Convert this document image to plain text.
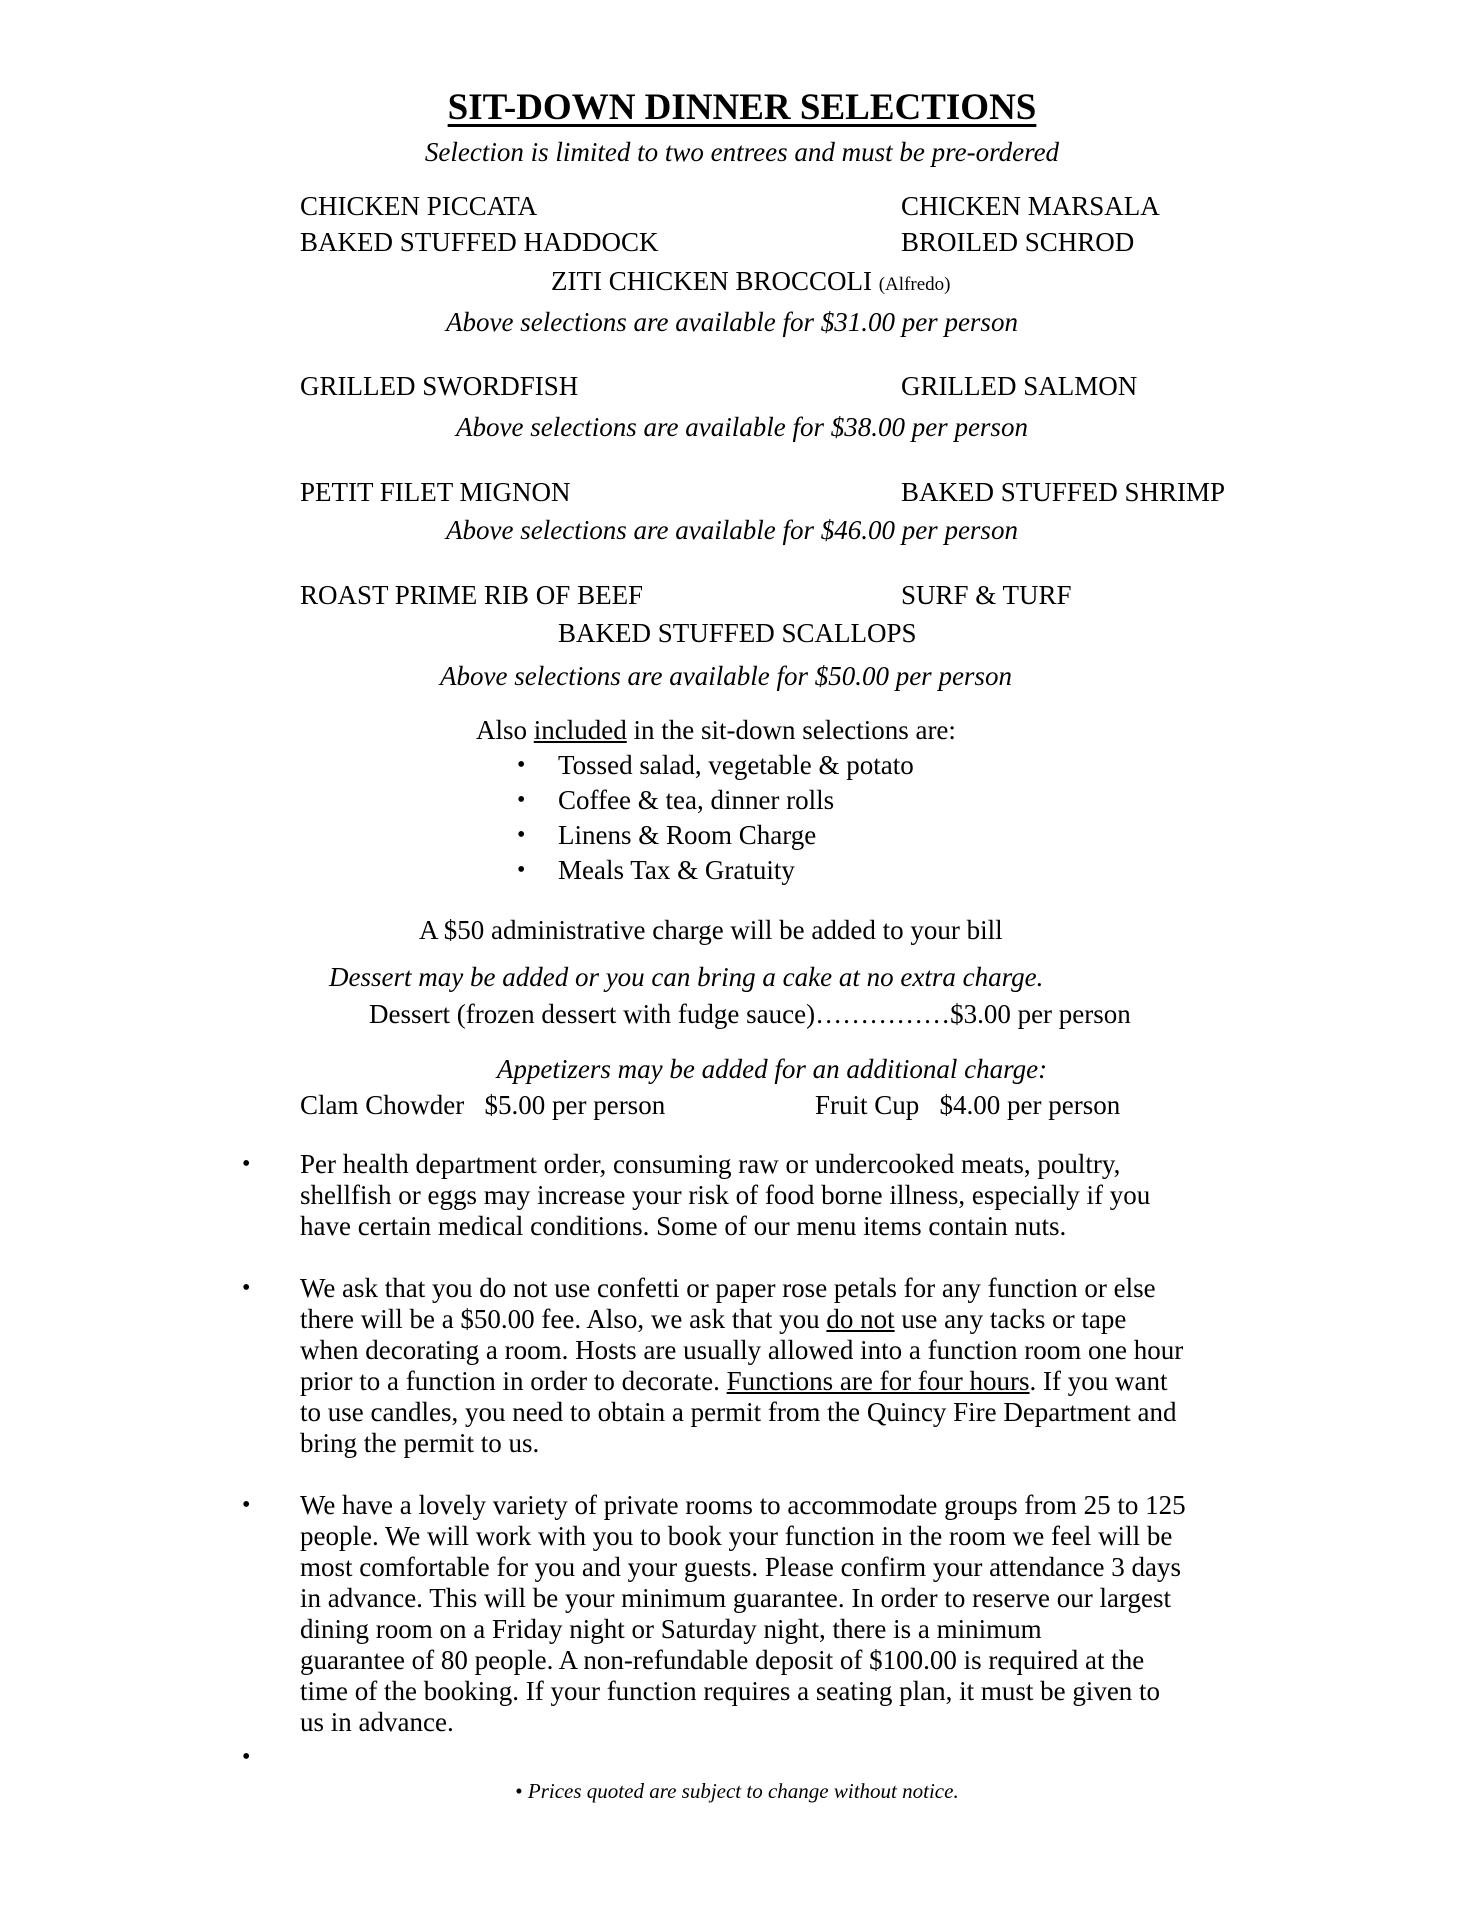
SIT-DOWN DINNER SELECTIONS
Selection is limited to two entrees and must be pre-ordered
CHICKEN PICCATA	CHICKEN MARSALA
BAKED STUFFED HADDOCK	BROILED SCHROD
ZITI CHICKEN BROCCOLI (Alfredo)
Above selections are available for $31.00 per person
GRILLED SWORDFISH	GRILLED SALMON
Above selections are available for $38.00 per person
PETIT FILET MIGNON	BAKED STUFFED SHRIMP
Above selections are available for $46.00 per person
ROAST PRIME RIB OF BEEF	SURF & TURF
BAKED STUFFED SCALLOPS
Above selections are available for $50.00 per person
Also included in the sit-down selections are:
• Tossed salad, vegetable & potato
• Coffee & tea, dinner rolls
• Linens & Room Charge
• Meals Tax & Gratuity
A $50 administrative charge will be added to your bill
Dessert may be added or you can bring a cake at no extra charge.
Dessert (frozen dessert with fudge sauce)……………$3.00 per person
Appetizers may be added for an additional charge:
Clam Chowder $5.00 per person	Fruit Cup $4.00 per person
• Per health department order, consuming raw or undercooked meats, poultry,
shellfish or eggs may increase your risk of food borne illness, especially if you
have certain medical conditions. Some of our menu items contain nuts.
• We ask that you do not use confetti or paper rose petals for any function or else
there will be a $50.00 fee. Also, we ask that you do not use any tacks or tape
when decorating a room. Hosts are usually allowed into a function room one hour
prior to a function in order to decorate. Functions are for four hours. If you want
to use candles, you need to obtain a permit from the Quincy Fire Department and
bring the permit to us.
• We have a lovely variety of private rooms to accommodate groups from 25 to 125
people. We will work with you to book your function in the room we feel will be
most comfortable for you and your guests. Please confirm your attendance 3 days
in advance. This will be your minimum guarantee. In order to reserve our largest
dining room on a Friday night or Saturday night, there is a minimum
guarantee of 80 people. A non-refundable deposit of $100.00 is required at the
time of the booking. If your function requires a seating plan, it must be given to
us in advance.
•
• Prices quoted are subject to change without notice.
